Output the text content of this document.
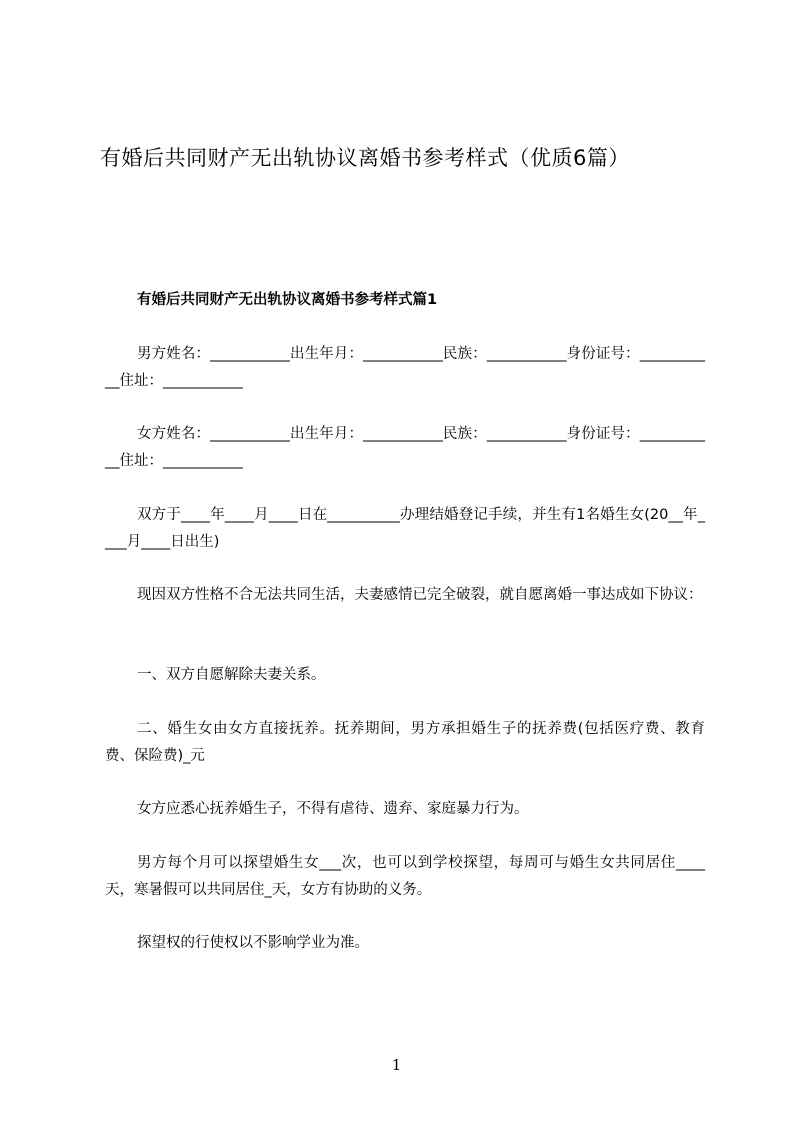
有婚后共同财产无出轨协议离婚书参考样式（优质6篇）
有婚后共同财产无出轨协议离婚书参考样式篇1
男方姓名：___________出生年月：___________民族：___________身份证号：___________住址：___________
女方姓名：___________出生年月：___________民族：___________身份证号：___________住址：___________
双方于____年____月____日在__________办理结婚登记手续，并生有1名婚生女(20__年____月____日出生)
现因双方性格不合无法共同生活，夫妻感情已完全破裂，就自愿离婚一事达成如下协议：
一、双方自愿解除夫妻关系。
二、婚生女由女方直接抚养。抚养期间，男方承担婚生子的抚养费(包括医疗费、教育费、保险费)_元
女方应悉心抚养婚生子，不得有虐待、遗弃、家庭暴力行为。
男方每个月可以探望婚生女___次，也可以到学校探望，每周可与婚生女共同居住____天，寒暑假可以共同居住_天，女方有协助的义务。
探望权的行使权以不影响学业为准。
1
